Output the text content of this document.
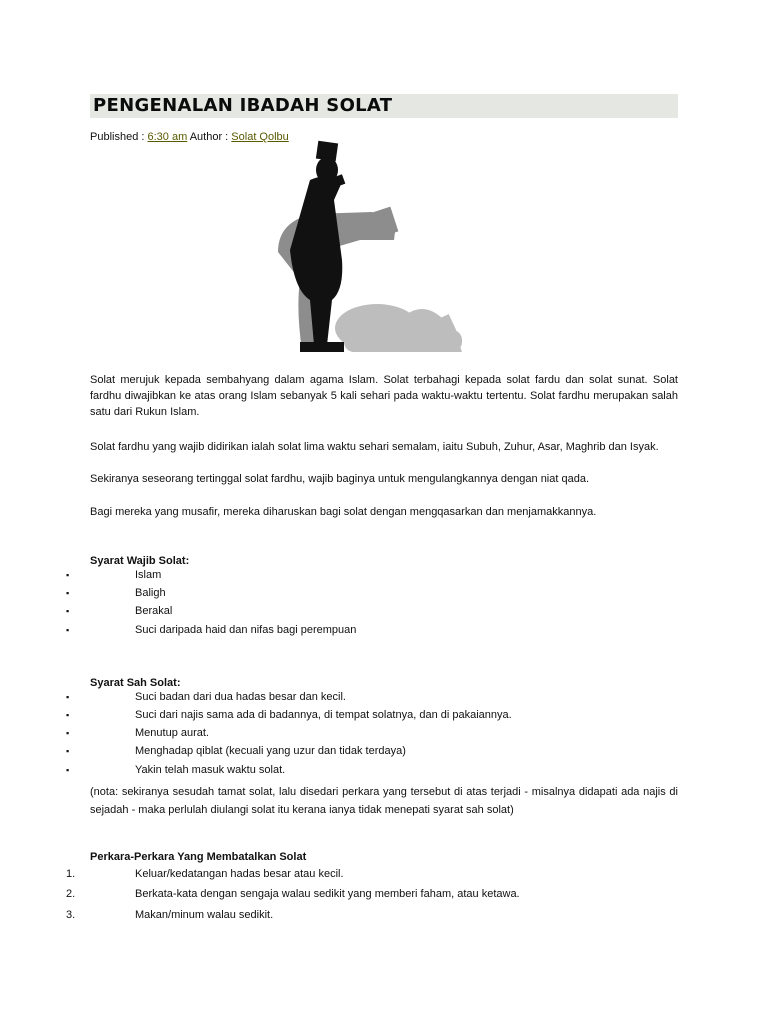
PENGENALAN IBADAH SOLAT
Published : 6:30 am Author : Solat Qolbu

Solat merujuk kepada sembahyang dalam agama Islam. Solat terbahagi kepada solat fardu dan solat sunat. Solat fardhu diwajibkan ke atas orang Islam sebanyak 5 kali sehari pada waktu-waktu tertentu. Solat fardhu merupakan salah satu dari Rukun Islam.

Solat fardhu yang wajib didirikan ialah solat lima waktu sehari semalam, iaitu Subuh, Zuhur, Asar, Maghrib dan Isyak.

Sekiranya seseorang tertinggal solat fardhu, wajib baginya untuk mengulangkannya dengan niat qada.

Bagi mereka yang musafir, mereka diharuskan bagi solat dengan mengqasarkan dan menjamakkannya.

Syarat Wajib Solat:
▪	Islam
▪	Baligh
▪	Berakal
▪	Suci daripada haid dan nifas bagi perempuan
Syarat Sah Solat:
▪	Suci badan dari dua hadas besar dan kecil.
▪	Suci dari najis sama ada di badannya, di tempat solatnya, dan di pakaiannya.
▪	Menutup aurat.
▪	Menghadap qiblat (kecuali yang uzur dan tidak terdaya)
▪	Yakin telah masuk waktu solat.

(nota: sekiranya sesudah tamat solat, lalu disedari perkara yang tersebut di atas terjadi - misalnya didapati ada najis di sejadah - maka perlulah diulangi solat itu kerana ianya tidak menepati syarat sah solat)

Perkara-Perkara Yang Membatalkan Solat
1.	Keluar/kedatangan hadas besar atau kecil.
2.	Berkata-kata dengan sengaja walau sedikit yang memberi faham, atau ketawa.
3.	Makan/minum walau sedikit.
